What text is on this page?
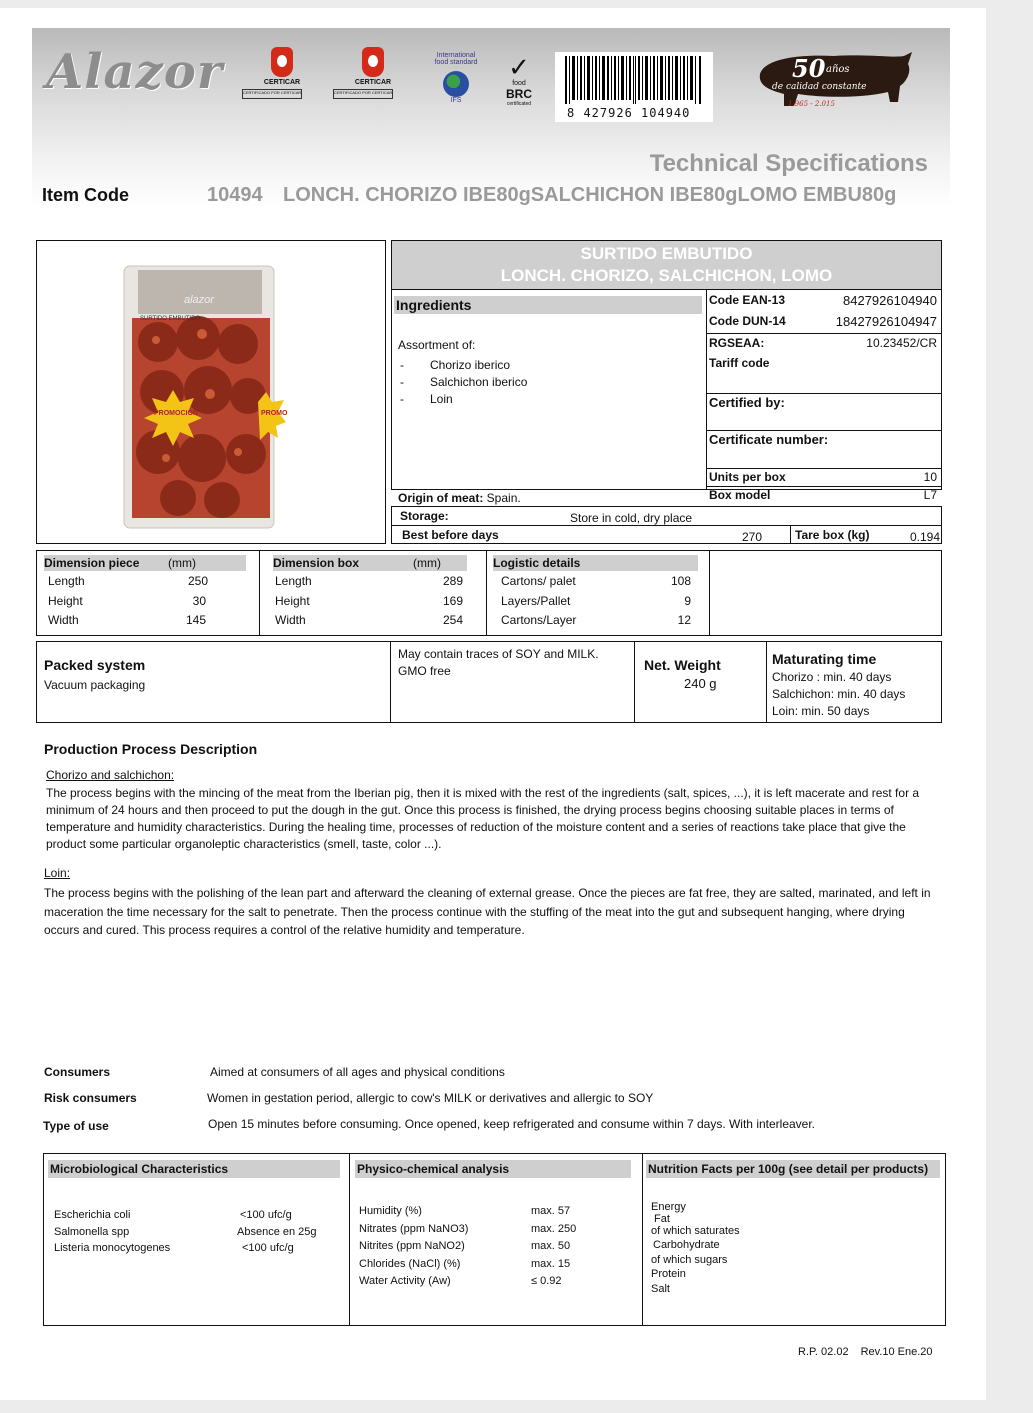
Alazor	CERTICAR
CERTIFICADO POR CERTICAR
CERTICAR
CERTIFICADO POR CERTICAR
International
food standard
IFS
✓
food
BRC
certificated
8 427926 104940
50 años
de calidad constante
1.965 - 2.015
Technical Specifications
Item Code	10494 LONCH. CHORIZO IBE80gSALCHICHON IBE80gLOMO EMBU80g
alazor
SURTIDO EMBUTIDO
PROMOCIÓN	PROMO
SURTIDO EMBUTIDO
LONCH. CHORIZO, SALCHICHON, LOMO
Ingredients
Assortment of:
- Chorizo iberico
- Salchichon iberico
- Loin
Code EAN-13	8427926104940
Code DUN-14	18427926104947
RGSEAA:	10.23452/CR
Tariff code
Certified by:
Certificate number:
Units per box	10
Box model	L7
Origin of meat: Spain.
Storage:	Store in cold, dry place
Best before days	270	Tare box (kg)	0.194
Dimension piece (mm)
Length	250
Height	30
Width	145
Dimension box	(mm)
Length	289
Height	169
Width	254
Logistic details
Cartons/ palet	108
Layers/Pallet	9
Cartons/Layer	12
Packed system
Vacuum packaging
May contain traces of SOY and MILK.
GMO free	Net. Weight
240 g
Maturating time
Chorizo : min. 40 days
Salchichon: min. 40 days
Loin: min. 50 days
Production Process Description
Chorizo and salchichon:
The process begins with the mincing of the meat from the Iberian pig, then it is mixed with the rest of the ingredients (salt, spices, ...), it is left macerate and rest for a
minimum of 24 hours and then proceed to put the dough in the gut. Once this process is finished, the drying process begins choosing suitable places in terms of
temperature and humidity characteristics. During the healing time, processes of reduction of the moisture content and a series of reactions take place that give the
product some particular organoleptic characteristics (smell, taste, color ...).
Loin:
The process begins with the polishing of the lean part and afterward the cleaning of external grease. Once the pieces are fat free, they are salted, marinated, and left in
maceration the time necessary for the salt to penetrate. Then the process continue with the stuffing of the meat into the gut and subsequent hanging, where drying
occurs and cured. This process requires a control of the relative humidity and temperature.
Consumers	Aimed at consumers of all ages and physical conditions
Risk consumers	Women in gestation period, allergic to cow's MILK or derivatives and allergic to SOY
Type of use	Open 15 minutes before consuming. Once opened, keep refrigerated and consume within 7 days. With interleaver.
Microbiological Characteristics
Escherichia coli	<100 ufc/g
Salmonella spp	Absence en 25g
Listeria monocytogenes	<100 ufc/g
Physico-chemical analysis
Humidity (%)	max. 57
Nitrates (ppm NaNO3)	max. 250
Nitrites (ppm NaNO2)	max. 50
Chlorides (NaCl) (%)	max. 15
Water Activity (Aw)	≤ 0.92
Nutrition Facts per 100g (see detail per products)
Energy
Fat
of which saturates
Carbohydrate
of which sugars
Protein
Salt
R.P. 02.02 Rev.10 Ene.20
